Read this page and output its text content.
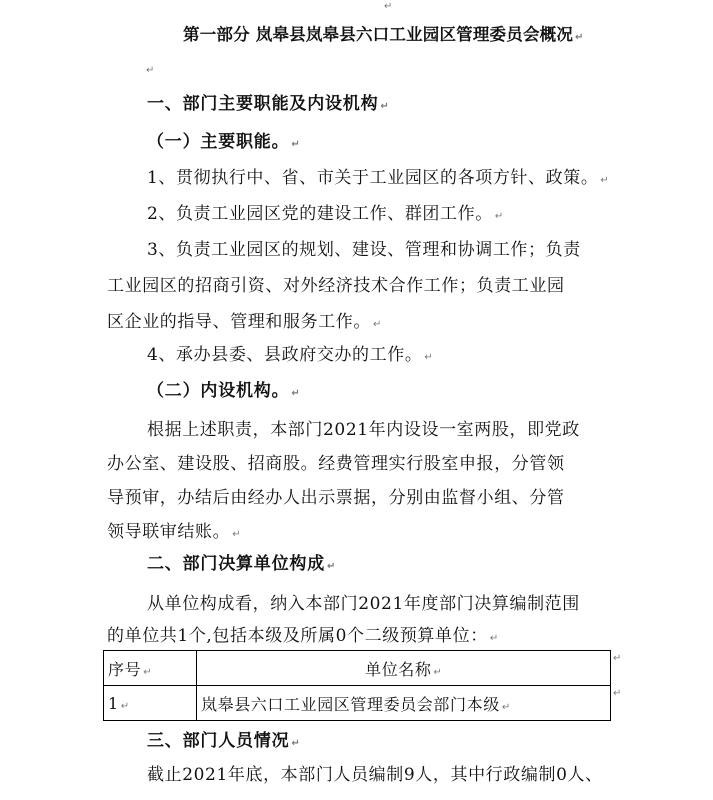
↵
第一部分 岚皋县岚皋县六口工业园区管理委员会概况 ↵
↵
一、部门主要职能及内设机构 ↵
（一）主要职能。 ↵
1、贯彻执行中、省、市关于工业园区的各项方针、政策。 ↵
2、负责工业园区党的建设工作、群团工作。 ↵
3、负责工业园区的规划、建设、管理和协调工作；负责
工业园区的招商引资、对外经济技术合作工作；负责工业园
区企业的指导、管理和服务工作。 ↵
4、承办县委、县政府交办的工作。 ↵
（二）内设机构。 ↵
根据上述职责，本部门2021年内设设一室两股，即党政
办公室、建设股、招商股。经费管理实行股室申报，分管领
导预审，办结后由经办人出示票据，分别由监督小组、分管
领导联审结账。 ↵
二、部门决算单位构成 ↵
从单位构成看，纳入本部门2021年度部门决算编制范围
的单位共1个,包括本级及所属0个二级预算单位： ↵
序号 ↵	单位名称 ↵
1 ↵	岚皋县六口工业园区管理委员会部门本级 ↵
↵
↵
三、部门人员情况 ↵
截止2021年底，本部门人员编制9人，其中行政编制0人、
